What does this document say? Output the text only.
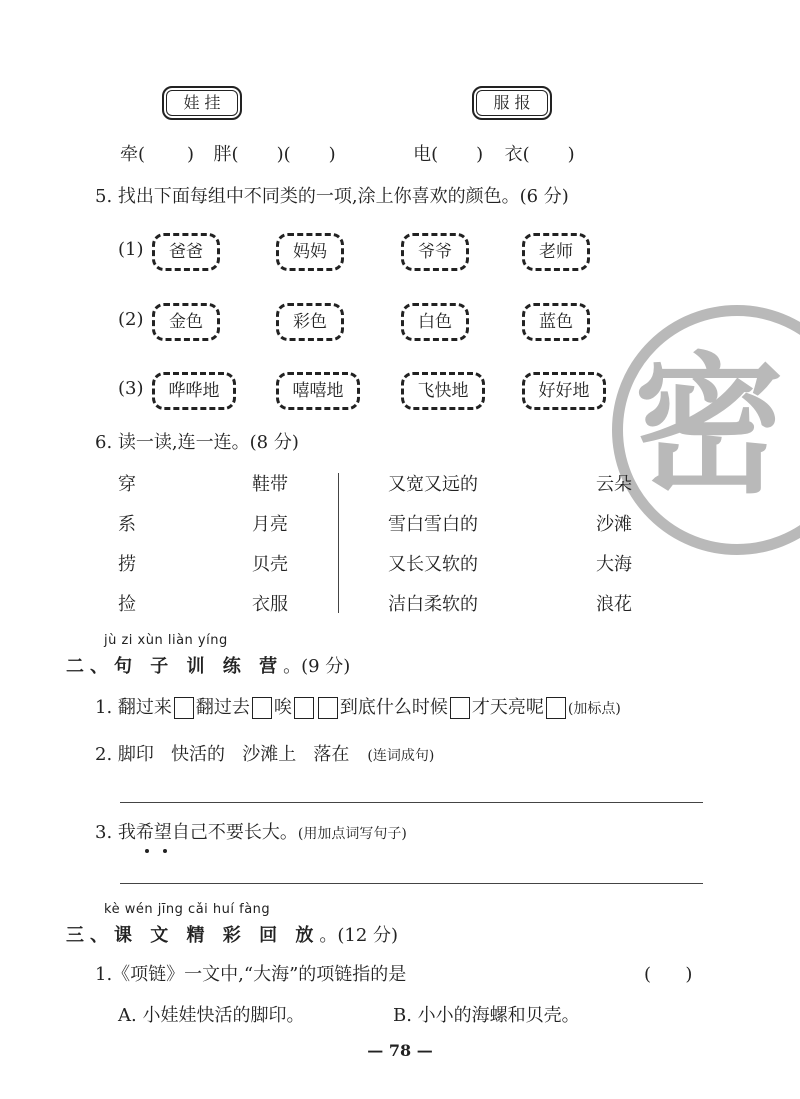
密
娃 挂	服 报
牵( ) 胖( )( )	电( ) 衣( )
5. 找出下面每组中不同类的一项,涂上你喜欢的颜色。(6 分)
(1)	爸爸	妈妈	爷爷	老师
(2)	金色	彩色	白色	蓝色
(3)	哗哗地	嘻嘻地	飞快地	好好地
6. 读一读,连一连。(8 分)
穿	鞋带
系	月亮
捞	贝壳
捡	衣服
又宽又远的	云朵
雪白雪白的	沙滩
又长又软的	大海
洁白柔软的	浪花
jù zi xùn liàn yíng
二、句 子 训 练 营。(9 分)
1. 翻过来 翻过去 唉	到底什么时候 才天亮呢 (加标点)
2. 脚印   快活的   沙滩上   落在 (连词成句)
3. 我希望自己不要长大。(用加点词写句子)
kè wén jīng cǎi huí fàng
三、课 文 精 彩 回 放。(12 分)
1.《项链》一文中,“大海”的项链指的是	(      )
A. 小娃娃快活的脚印。	B. 小小的海螺和贝壳。
— 78 —
